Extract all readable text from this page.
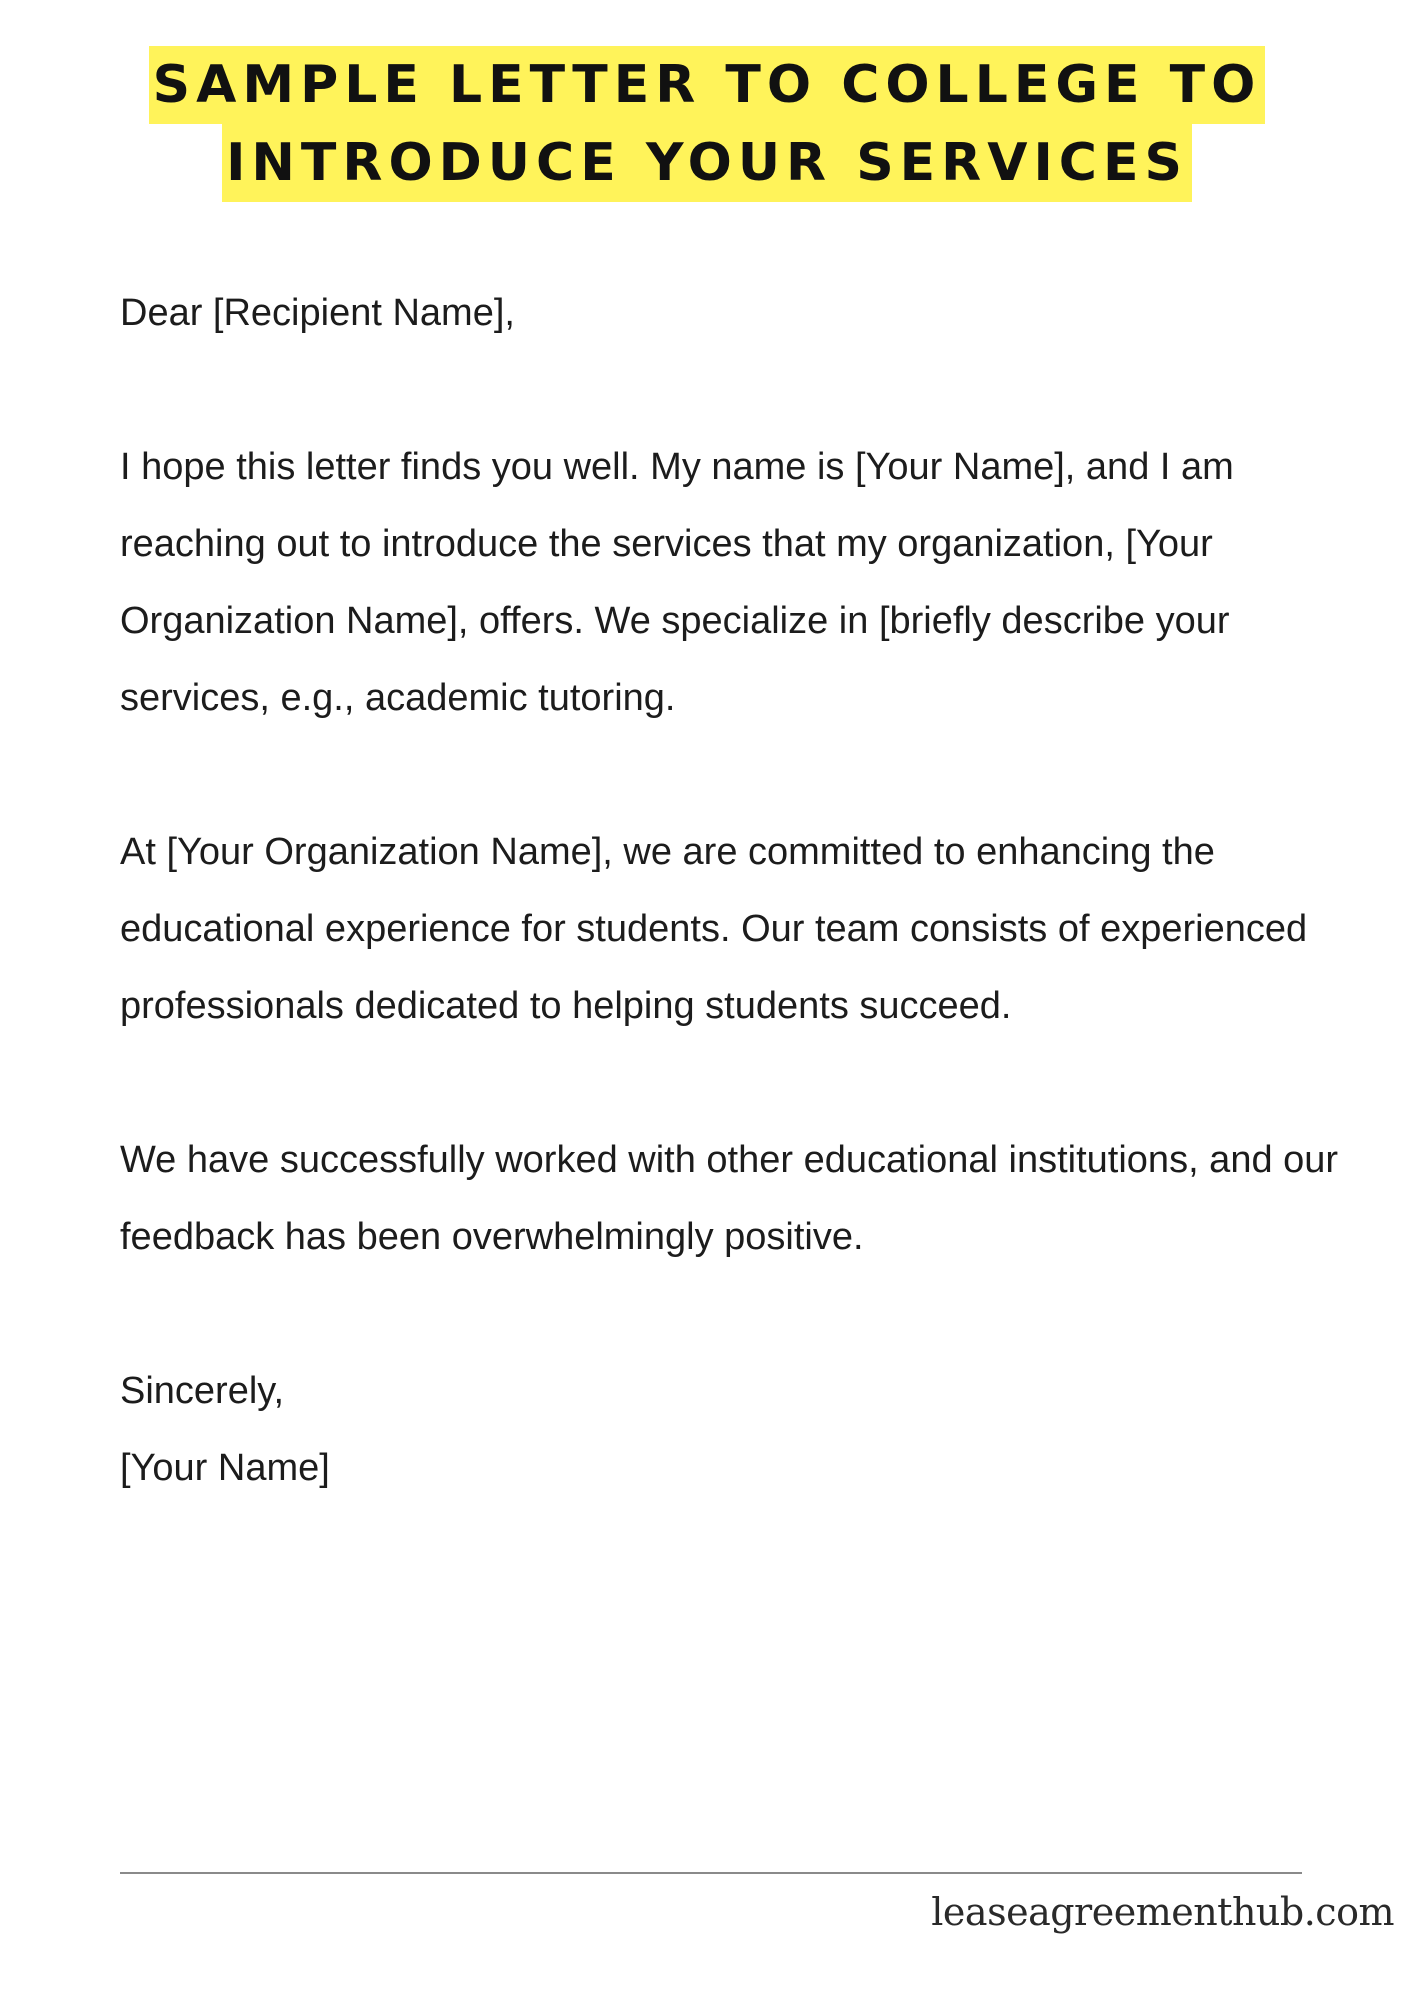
SAMPLE LETTER TO COLLEGE TO
INTRODUCE YOUR SERVICES

Dear [Recipient Name],

I hope this letter finds you well. My name is [Your Name], and I am reaching out to introduce the services that my organization, [Your Organization Name], offers. We specialize in [briefly describe your services, e.g., academic tutoring.

At [Your Organization Name], we are committed to enhancing the educational experience for students. Our team consists of experienced professionals dedicated to helping students succeed.

We have successfully worked with other educational institutions, and our feedback has been overwhelmingly positive.

Sincerely,

[Your Name]

leaseagreementhub.com
